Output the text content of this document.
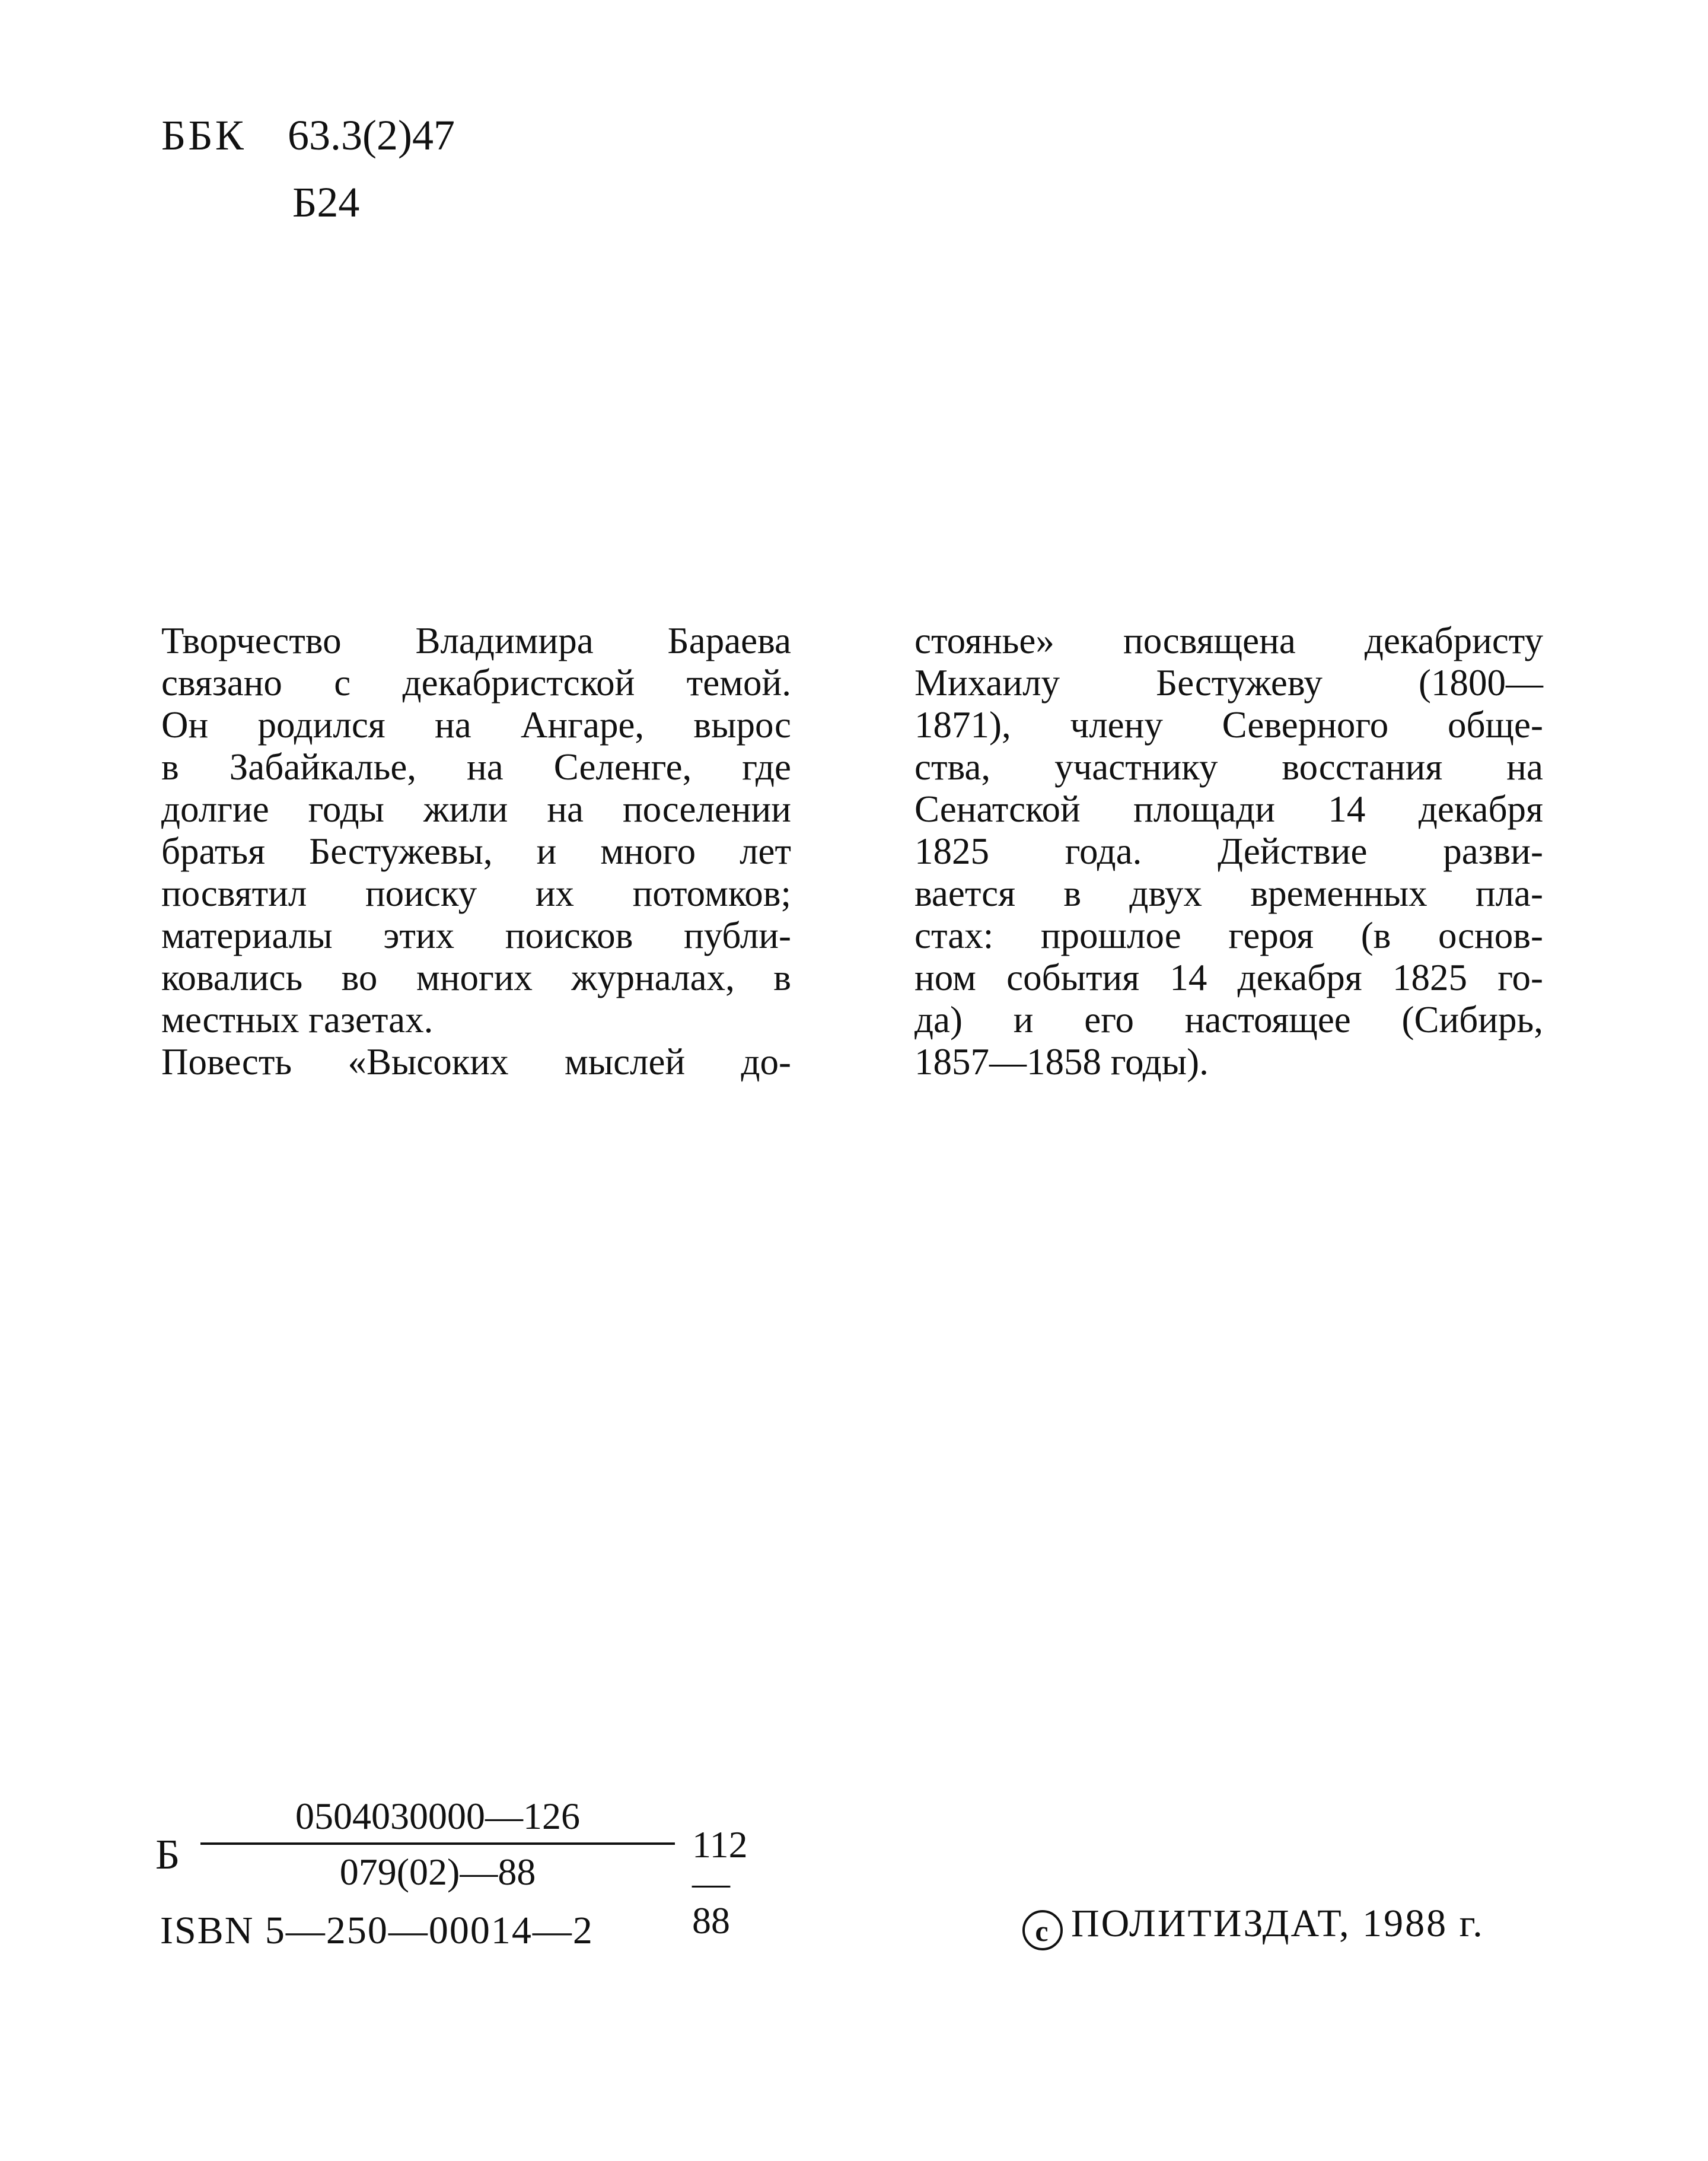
ББК 63.3(2)47
Б24
Творчество Владимира Бараева
связано с декабристской темой.
Он родился на Ангаре, вырос
в Забайкалье, на Селенге, где
долгие годы жили на поселении
братья Бестужевы, и много лет
посвятил поиску их потомков;
материалы этих поисков публи-
ковались во многих журналах, в
местных газетах.
Повесть «Высоких мыслей до-
стоянье» посвящена декабристу
Михаилу Бестужеву (1800—
1871), члену Северного обще-
ства, участнику восстания на
Сенатской площади 14 декабря
1825 года. Действие разви-
вается в двух временных пла-
стах: прошлое героя (в основ-
ном события 14 декабря 1825 го-
да) и его настоящее (Сибирь,
1857—1858 годы).
Б
0504030000—126
079(02)—88
112—88
ISBN 5—250—00014—2	c ПОЛИТИЗДАТ, 1988 г.
